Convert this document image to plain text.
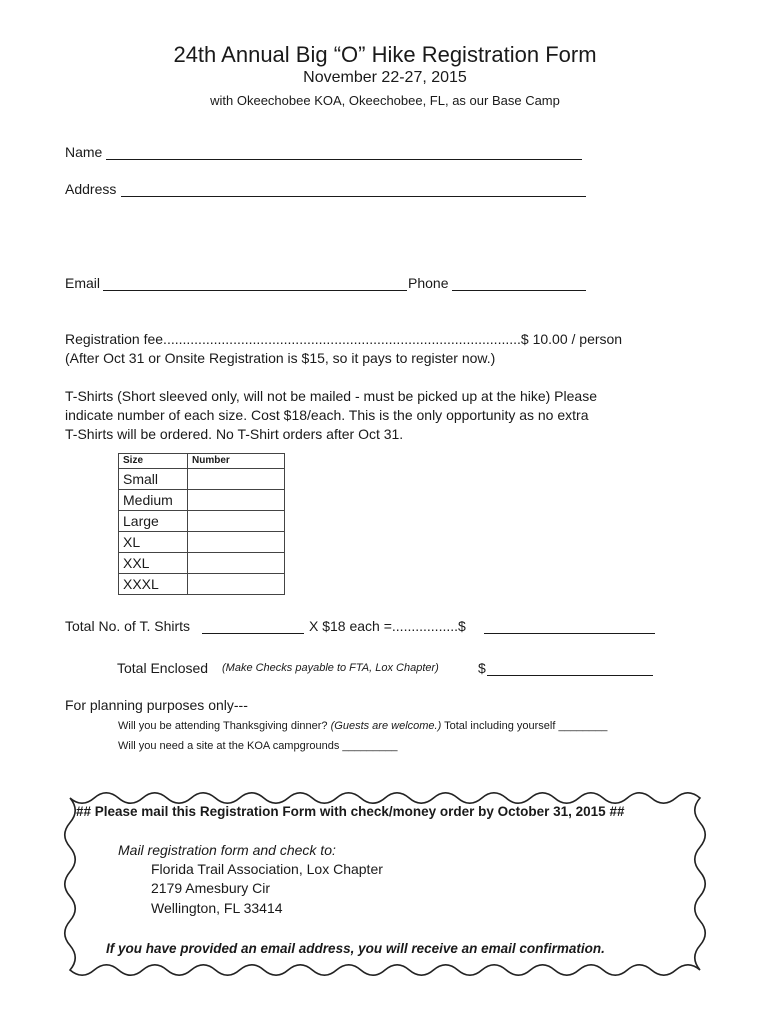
24th Annual Big “O” Hike Registration Form
November 22-27, 2015
with Okeechobee KOA, Okeechobee, FL, as our Base Camp
Name
Address
Email	Phone
Registration fee............................................................................................$ 10.00 / person
(After Oct 31 or Onsite Registration is $15, so it pays to register now.)
T-Shirts (Short sleeved only, will not be mailed - must be picked up at the hike) Please
indicate number of each size. Cost $18/each. This is the only opportunity as no extra
T-Shirts will be ordered. No T-Shirt orders after Oct 31.
Size	Number
Small	
Medium	
Large	
XL	
XXL	
XXXL	
Total No. of T. Shirts	X $18 each =.................$
Total Enclosed (Make Checks payable to FTA, Lox Chapter)	$
For planning purposes only---
Will you be attending Thanksgiving dinner? (Guests are welcome.) Total including yourself ________
Will you need a site at the KOA campgrounds _________
## Please mail this Registration Form with check/money order by October 31, 2015 ##
Mail registration form and check to:
Florida Trail Association, Lox Chapter
2179 Amesbury Cir
Wellington, FL 33414
If you have provided an email address, you will receive an email confirmation.
